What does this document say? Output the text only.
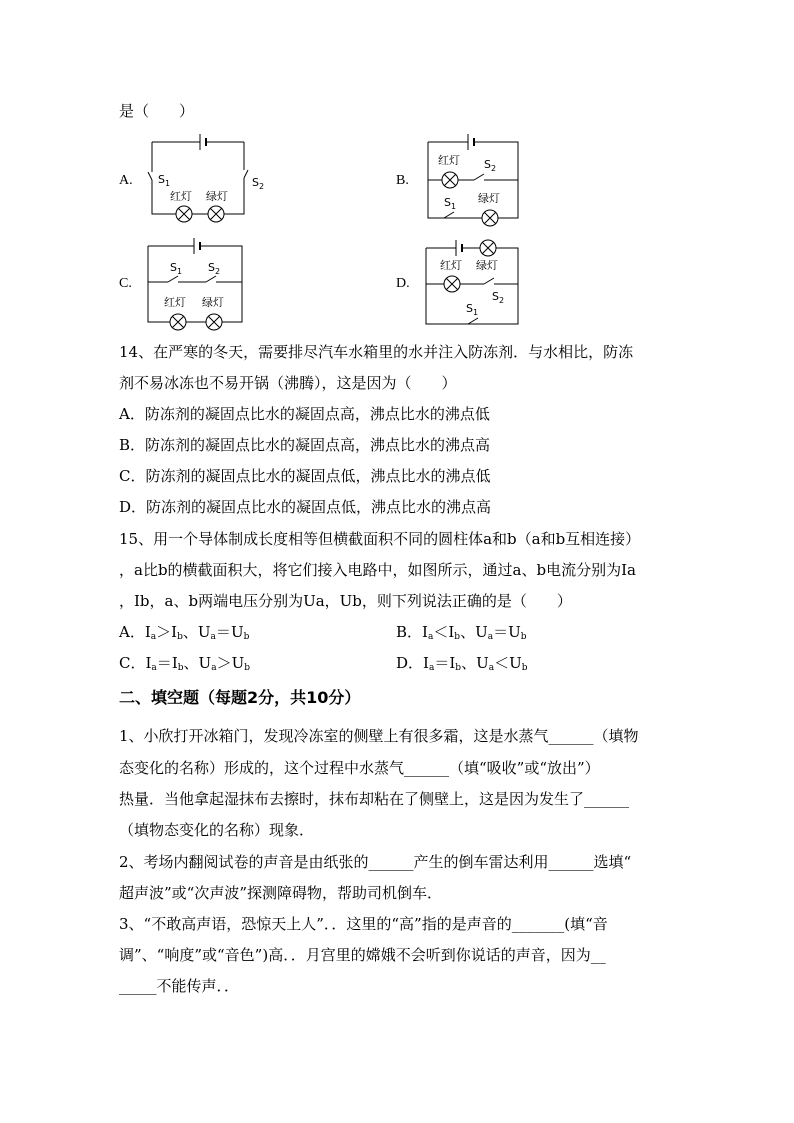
是（　　）
A.
红灯 绿灯
$S_1$	$S_2$	B.
红灯
绿灯
$S_2$
$S_1$
C.
$S_1$ $S_2$
红灯 绿灯
D.
红灯 绿灯
$S_2$
$S_1$
14、在严寒的冬天，需要排尽汽车水箱里的水并注入防冻剂．与水相比，防冻
剂不易冰冻也不易开锅（沸腾），这是因为（　　）
A．防冻剂的凝固点比水的凝固点高，沸点比水的沸点低
B．防冻剂的凝固点比水的凝固点高，沸点比水的沸点高
C．防冻剂的凝固点比水的凝固点低，沸点比水的沸点低
D．防冻剂的凝固点比水的凝固点低，沸点比水的沸点高
15、用一个导体制成长度相等但横截面积不同的圆柱体a和b（a和b互相连接）
，a比b的横截面积大，将它们接入电路中，如图所示，通过a、b电流分别为Ia
，Ib，a、b两端电压分别为Ua，Ub，则下列说法正确的是（　　）
A．$I_a>I_b$、$U_a=U_b$	B．$I_a<I_b$、$U_a=U_b$
C．$I_a=I_b$、$U_a>U_b$	D．$I_a=I_b$、$U_a<U_b$
二、填空题（每题2分，共10分）
1、小欣打开冰箱门，发现冷冻室的侧壁上有很多霜，这是水蒸气______（填物
态变化的名称）形成的，这个过程中水蒸气______（填“吸收”或“放出”）
热量．当他拿起湿抹布去擦时，抹布却粘在了侧壁上，这是因为发生了______
（填物态变化的名称）现象．
2、考场内翻阅试卷的声音是由纸张的______产生的倒车雷达利用______选填“
超声波”或“次声波”探测障碍物，帮助司机倒车．
3、“不敢高声语，恐惊天上人”．．这里的“高”指的是声音的_______(填“音
调”、“响度”或“音色”)高．．月宫里的嫦娥不会听到你说话的声音，因为__
_____不能传声．．
